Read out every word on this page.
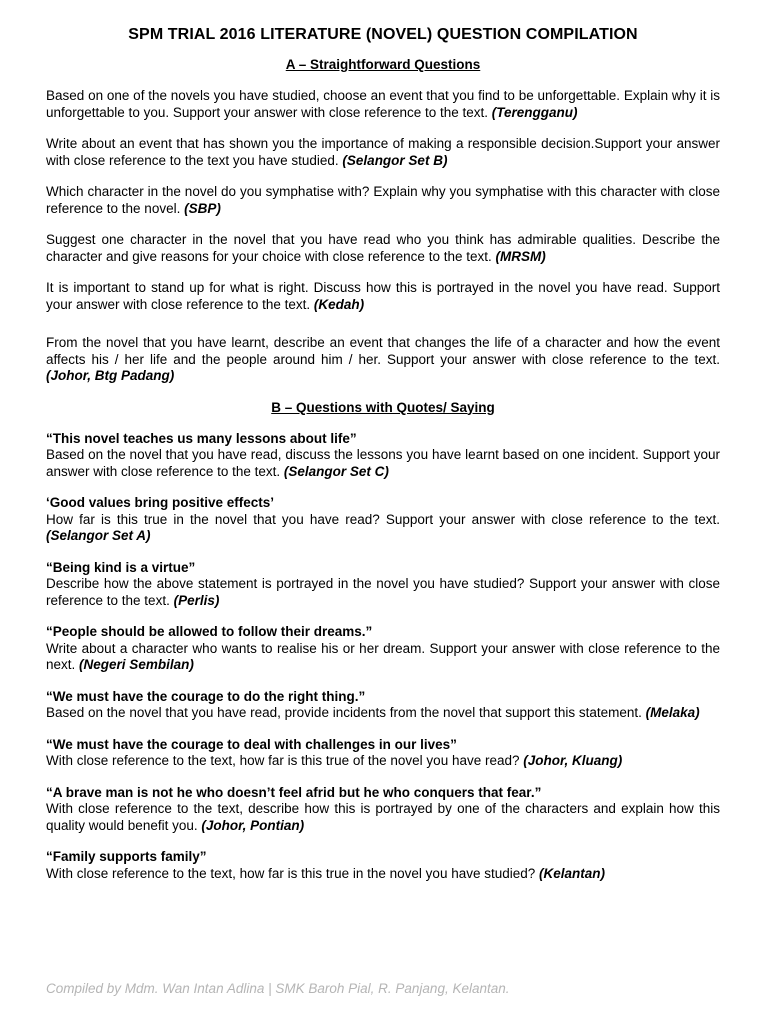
SPM TRIAL 2016 LITERATURE (NOVEL) QUESTION COMPILATION
A – Straightforward Questions

Based on one of the novels you have studied, choose an event that you find to be unforgettable. Explain why it is unforgettable to you. Support your answer with close reference to the text. (Terengganu)

Write about an event that has shown you the importance of making a responsible decision.Support your answer with close reference to the text you have studied. (Selangor Set B)

Which character in the novel do you symphatise with? Explain why you symphatise with this character with close reference to the novel. (SBP)

Suggest one character in the novel that you have read who you think has admirable qualities. Describe the character and give reasons for your choice with close reference to the text. (MRSM)

It is important to stand up for what is right. Discuss how this is portrayed in the novel you have read. Support your answer with close reference to the text. (Kedah)

From the novel that you have learnt, describe an event that changes the life of a character and how the event affects his / her life and the people around him / her. Support your answer with close reference to the text. (Johor, Btg Padang)

B – Questions with Quotes/ Saying

“This novel teaches us many lessons about life”
Based on the novel that you have read, discuss the lessons you have learnt based on one incident. Support your answer with close reference to the text. (Selangor Set C)

‘Good values bring positive effects’
How far is this true in the novel that you have read? Support your answer with close reference to the text. (Selangor Set A)

“Being kind is a virtue”
Describe how the above statement is portrayed in the novel you have studied? Support your answer with close reference to the text. (Perlis)

“People should be allowed to follow their dreams.”
Write about a character who wants to realise his or her dream. Support your answer with close reference to the next. (Negeri Sembilan)

“We must have the courage to do the right thing.”
Based on the novel that you have read, provide incidents from the novel that support this statement. (Melaka)

“We must have the courage to deal with challenges in our lives”
With close reference to the text, how far is this true of the novel you have read? (Johor, Kluang)

“A brave man is not he who doesn’t feel afrid but he who conquers that fear.”
With close reference to the text, describe how this is portrayed by one of the characters and explain how this quality would benefit you. (Johor, Pontian)

“Family supports family”
With close reference to the text, how far is this true in the novel you have studied? (Kelantan)

Compiled by Mdm. Wan Intan Adlina | SMK Baroh Pial, R. Panjang, Kelantan.
